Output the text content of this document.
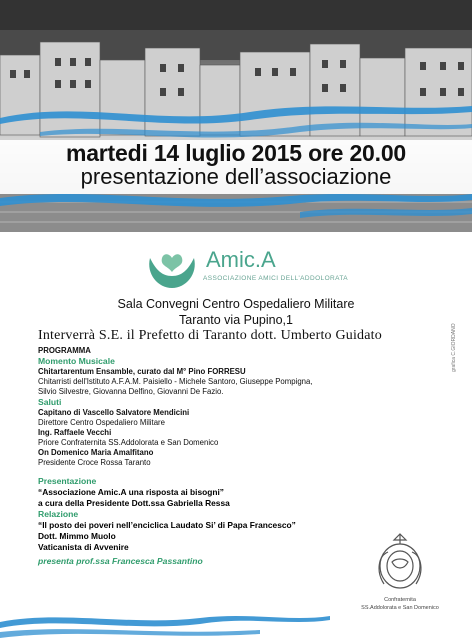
martedi 14 luglio 2015 ore 20.00
presentazione dell’associazione
Amic.A
ASSOCIAZIONE AMICI DELL'ADDOLORATA
Sala Convegni Centro Ospedaliero Militare
Taranto via Pupino,1
Interverrà S.E. il Prefetto di Taranto dott. Umberto Guidato
PROGRAMMA
Momento Musicale
Chitartarentum Ensamble, curato dal M° Pino FORRESU
Chitarristi dell'Istituto A.F.A.M. Paisiello - Michele Santoro, Giuseppe Pompigna,
Silvio Silvestre, Giovanna Delfino, Giovanni De Fazio.
Saluti
Capitano di Vascello Salvatore Mendicini
Direttore Centro Ospedaliero Militare
Ing. Raffaele Vecchi
Priore Confraternita SS.Addolorata e San Domenico
On Domenico Maria Amalfitano
Presidente Croce Rossa Taranto
Presentazione
“Associazione Amic.A una risposta ai bisogni”
a cura della Presidente Dott.ssa Gabriella Ressa
Relazione
“Il posto dei poveri nell’enciclica Laudato Si’ di Papa Francesco”
Dott. Mimmo Muolo
Vaticanista di Avvenire
presenta prof.ssa Francesca Passantino
grafica C.GIORDANO
Confraternita
SS.Addolorata e San Domenico
